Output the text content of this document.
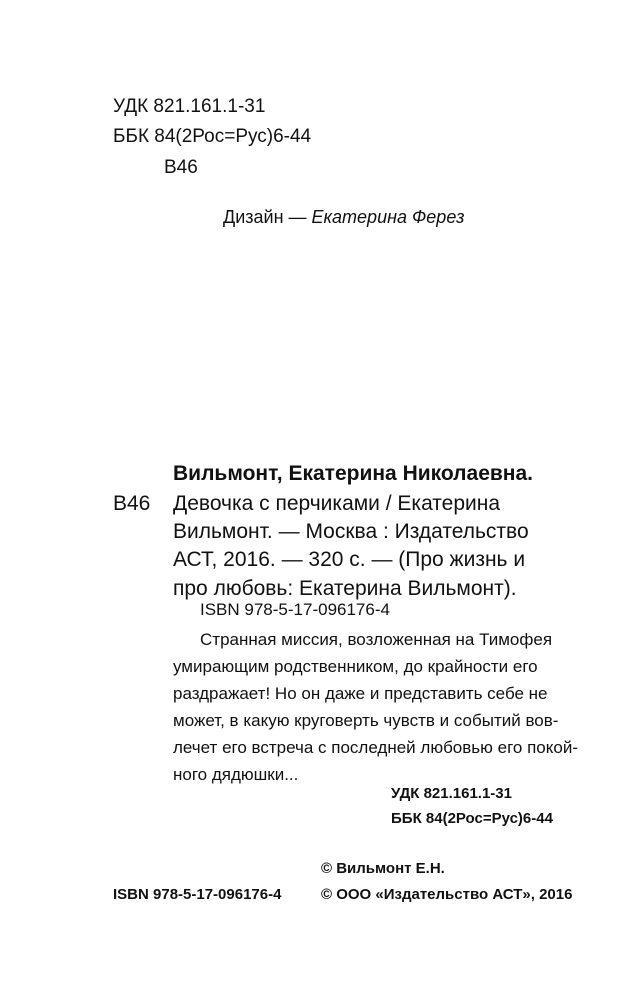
УДК 821.161.1-31
ББК 84(2Рос=Рус)6-44
В46
Дизайн — Екатерина Ферез
Вильмонт, Екатерина Николаевна.
В46 Девочка с перчиками / Екатерина
Вильмонт. — Москва : Издательство
АСТ, 2016. — 320 с. — (Про жизнь и
про любовь: Екатерина Вильмонт).
ISBN 978-5-17-096176-4
Странная миссия, возложенная на Тимофея
умирающим родственником, до крайности его
раздражает! Но он даже и представить себе не
может, в какую круговерть чувств и событий вов-
лечет его встреча с последней любовью его покой-
ного дядюшки...
УДК 821.161.1-31
ББК 84(2Рос=Рус)6-44
© Вильмонт Е.Н.
ISBN 978-5-17-096176-4	© ООО «Издательство АСТ», 2016
